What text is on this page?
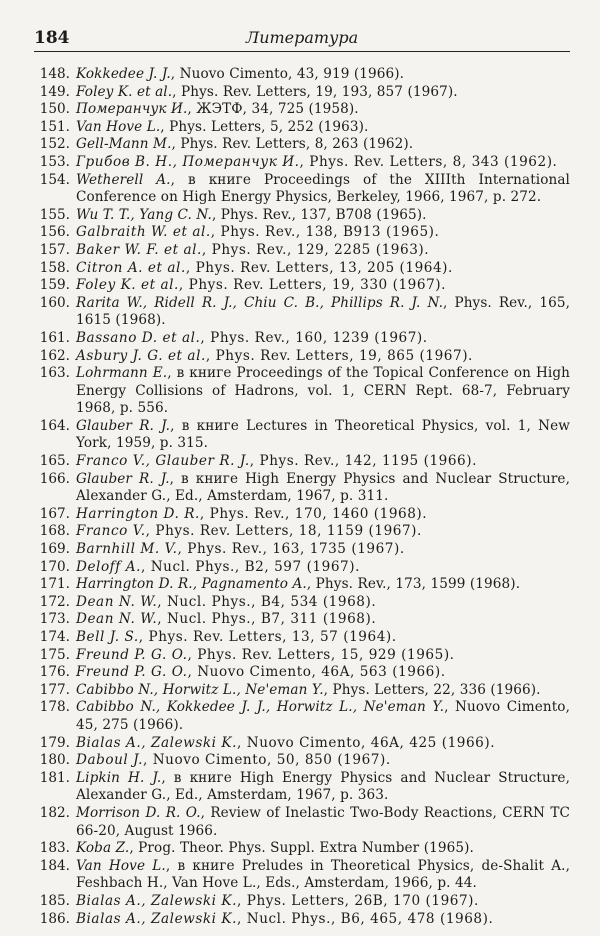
184	Литература
148. Kokkedee J. J., Nuovo Cimento, 43, 919 (1966).
149. Foley K. et al., Phys. Rev. Letters, 19, 193, 857 (1967).
150. Померанчук И., ЖЭТФ, 34, 725 (1958).
151. Van Hove L., Phys. Letters, 5, 252 (1963).
152. Gell-Mann M., Phys. Rev. Letters, 8, 263 (1962).
153. Грибов В. Н., Померанчук И., Phys. Rev. Letters, 8, 343 (1962).
154. Wetherell A., в книге Proceedings of the XIIIth International Conference on High Energy Physics, Berkeley, 1966, 1967, p. 272.
155. Wu T. T., Yang C. N., Phys. Rev., 137, B708 (1965).
156. Galbraith W. et al., Phys. Rev., 138, B913 (1965).
157. Baker W. F. et al., Phys. Rev., 129, 2285 (1963).
158. Citron A. et al., Phys. Rev. Letters, 13, 205 (1964).
159. Foley K. et al., Phys. Rev. Letters, 19, 330 (1967).
160. Rarita W., Ridell R. J., Chiu C. B., Phillips R. J. N., Phys. Rev., 165, 1615 (1968).
161. Bassano D. et al., Phys. Rev., 160, 1239 (1967).
162. Asbury J. G. et al., Phys. Rev. Letters, 19, 865 (1967).
163. Lohrmann E., в книге Proceedings of the Topical Conference on High Energy Collisions of Hadrons, vol. 1, CERN Rept. 68-7, February 1968, p. 556.
164. Glauber R. J., в книге Lectures in Theoretical Physics, vol. 1, New York, 1959, p. 315.
165. Franco V., Glauber R. J., Phys. Rev., 142, 1195 (1966).
166. Glauber R. J., в книге High Energy Physics and Nuclear Structure, Alexander G., Ed., Amsterdam, 1967, p. 311.
167. Harrington D. R., Phys. Rev., 170, 1460 (1968).
168. Franco V., Phys. Rev. Letters, 18, 1159 (1967).
169. Barnhill M. V., Phys. Rev., 163, 1735 (1967).
170. Deloff A., Nucl. Phys., B2, 597 (1967).
171. Harrington D. R., Pagnamento A., Phys. Rev., 173, 1599 (1968).
172. Dean N. W., Nucl. Phys., B4, 534 (1968).
173. Dean N. W., Nucl. Phys., B7, 311 (1968).
174. Bell J. S., Phys. Rev. Letters, 13, 57 (1964).
175. Freund P. G. O., Phys. Rev. Letters, 15, 929 (1965).
176. Freund P. G. O., Nuovo Cimento, 46A, 563 (1966).
177. Cabibbo N., Horwitz L., Ne'eman Y., Phys. Letters, 22, 336 (1966).
178. Cabibbo N., Kokkedee J. J., Horwitz L., Ne'eman Y., Nuovo Cimento, 45, 275 (1966).
179. Bialas A., Zalewski K., Nuovo Cimento, 46A, 425 (1966).
180. Daboul J., Nuovo Cimento, 50, 850 (1967).
181. Lipkin H. J., в книге High Energy Physics and Nuclear Structure, Alexander G., Ed., Amsterdam, 1967, p. 363.
182. Morrison D. R. O., Review of Inelastic Two-Body Reactions, CERN TC 66-20, August 1966.
183. Koba Z., Prog. Theor. Phys. Suppl. Extra Number (1965).
184. Van Hove L., в книге Preludes in Theoretical Physics, de-Shalit A., Feshbach H., Van Hove L., Eds., Amsterdam, 1966, p. 44.
185. Bialas A., Zalewski K., Phys. Letters, 26B, 170 (1967).
186. Bialas A., Zalewski K., Nucl. Phys., B6, 465, 478 (1968).
